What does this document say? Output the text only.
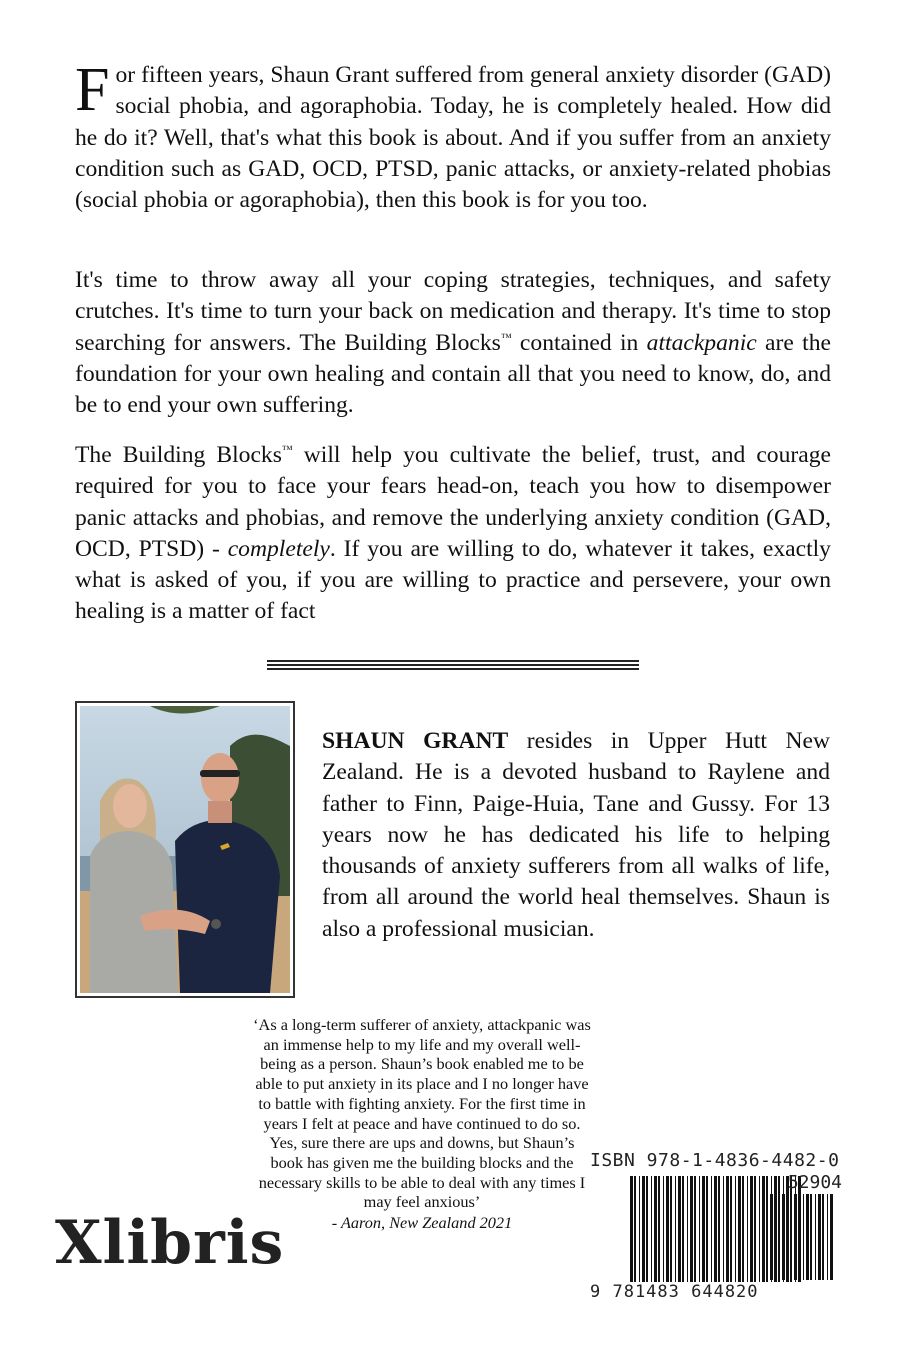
For fifteen years, Shaun Grant suffered from general anxiety disorder (GAD) social phobia, and agoraphobia. Today, he is completely healed. How did he do it? Well, that's what this book is about. And if you suffer from an anxiety condition such as GAD, OCD, PTSD, panic attacks, or anxiety-related phobias (social phobia or agoraphobia), then this book is for you too.

It's time to throw away all your coping strategies, techniques, and safety crutches. It's time to turn your back on medication and therapy. It's time to stop searching for answers. The Building Blocks™ contained in attackpanic are the foundation for your own healing and contain all that you need to know, do, and be to end your own suffering.

The Building Blocks™ will help you cultivate the belief, trust, and courage required for you to face your fears head-on, teach you how to disempower panic attacks and phobias, and remove the underlying anxiety condition (GAD, OCD, PTSD) - completely. If you are willing to do, whatever it takes, exactly what is asked of you, if you are willing to practice and persevere, your own healing is a matter of fact

SHAUN GRANT resides in Upper Hutt New Zealand. He is a devoted husband to Raylene and father to Finn, Paige-Huia, Tane and Gussy. For 13 years now he has dedicated his life to helping thousands of anxiety sufferers from all walks of life, from all around the world heal themselves. Shaun is also a professional musician.

‘As a long-term sufferer of anxiety, attackpanic was an immense help to my life and my overall well-being as a person. Shaun’s book enabled me to be able to put anxiety in its place and I no longer have to battle with fighting anxiety. For the first time in years I felt at peace and have continued to do so. Yes, sure there are ups and downs, but Shaun’s book has given me the building blocks and the necessary skills to be able to deal with any times I may feel anxious’
- Aaron, New Zealand 2021

Xlibris
ISBN 978-1-4836-4482-0
52904
9 781483 644820
